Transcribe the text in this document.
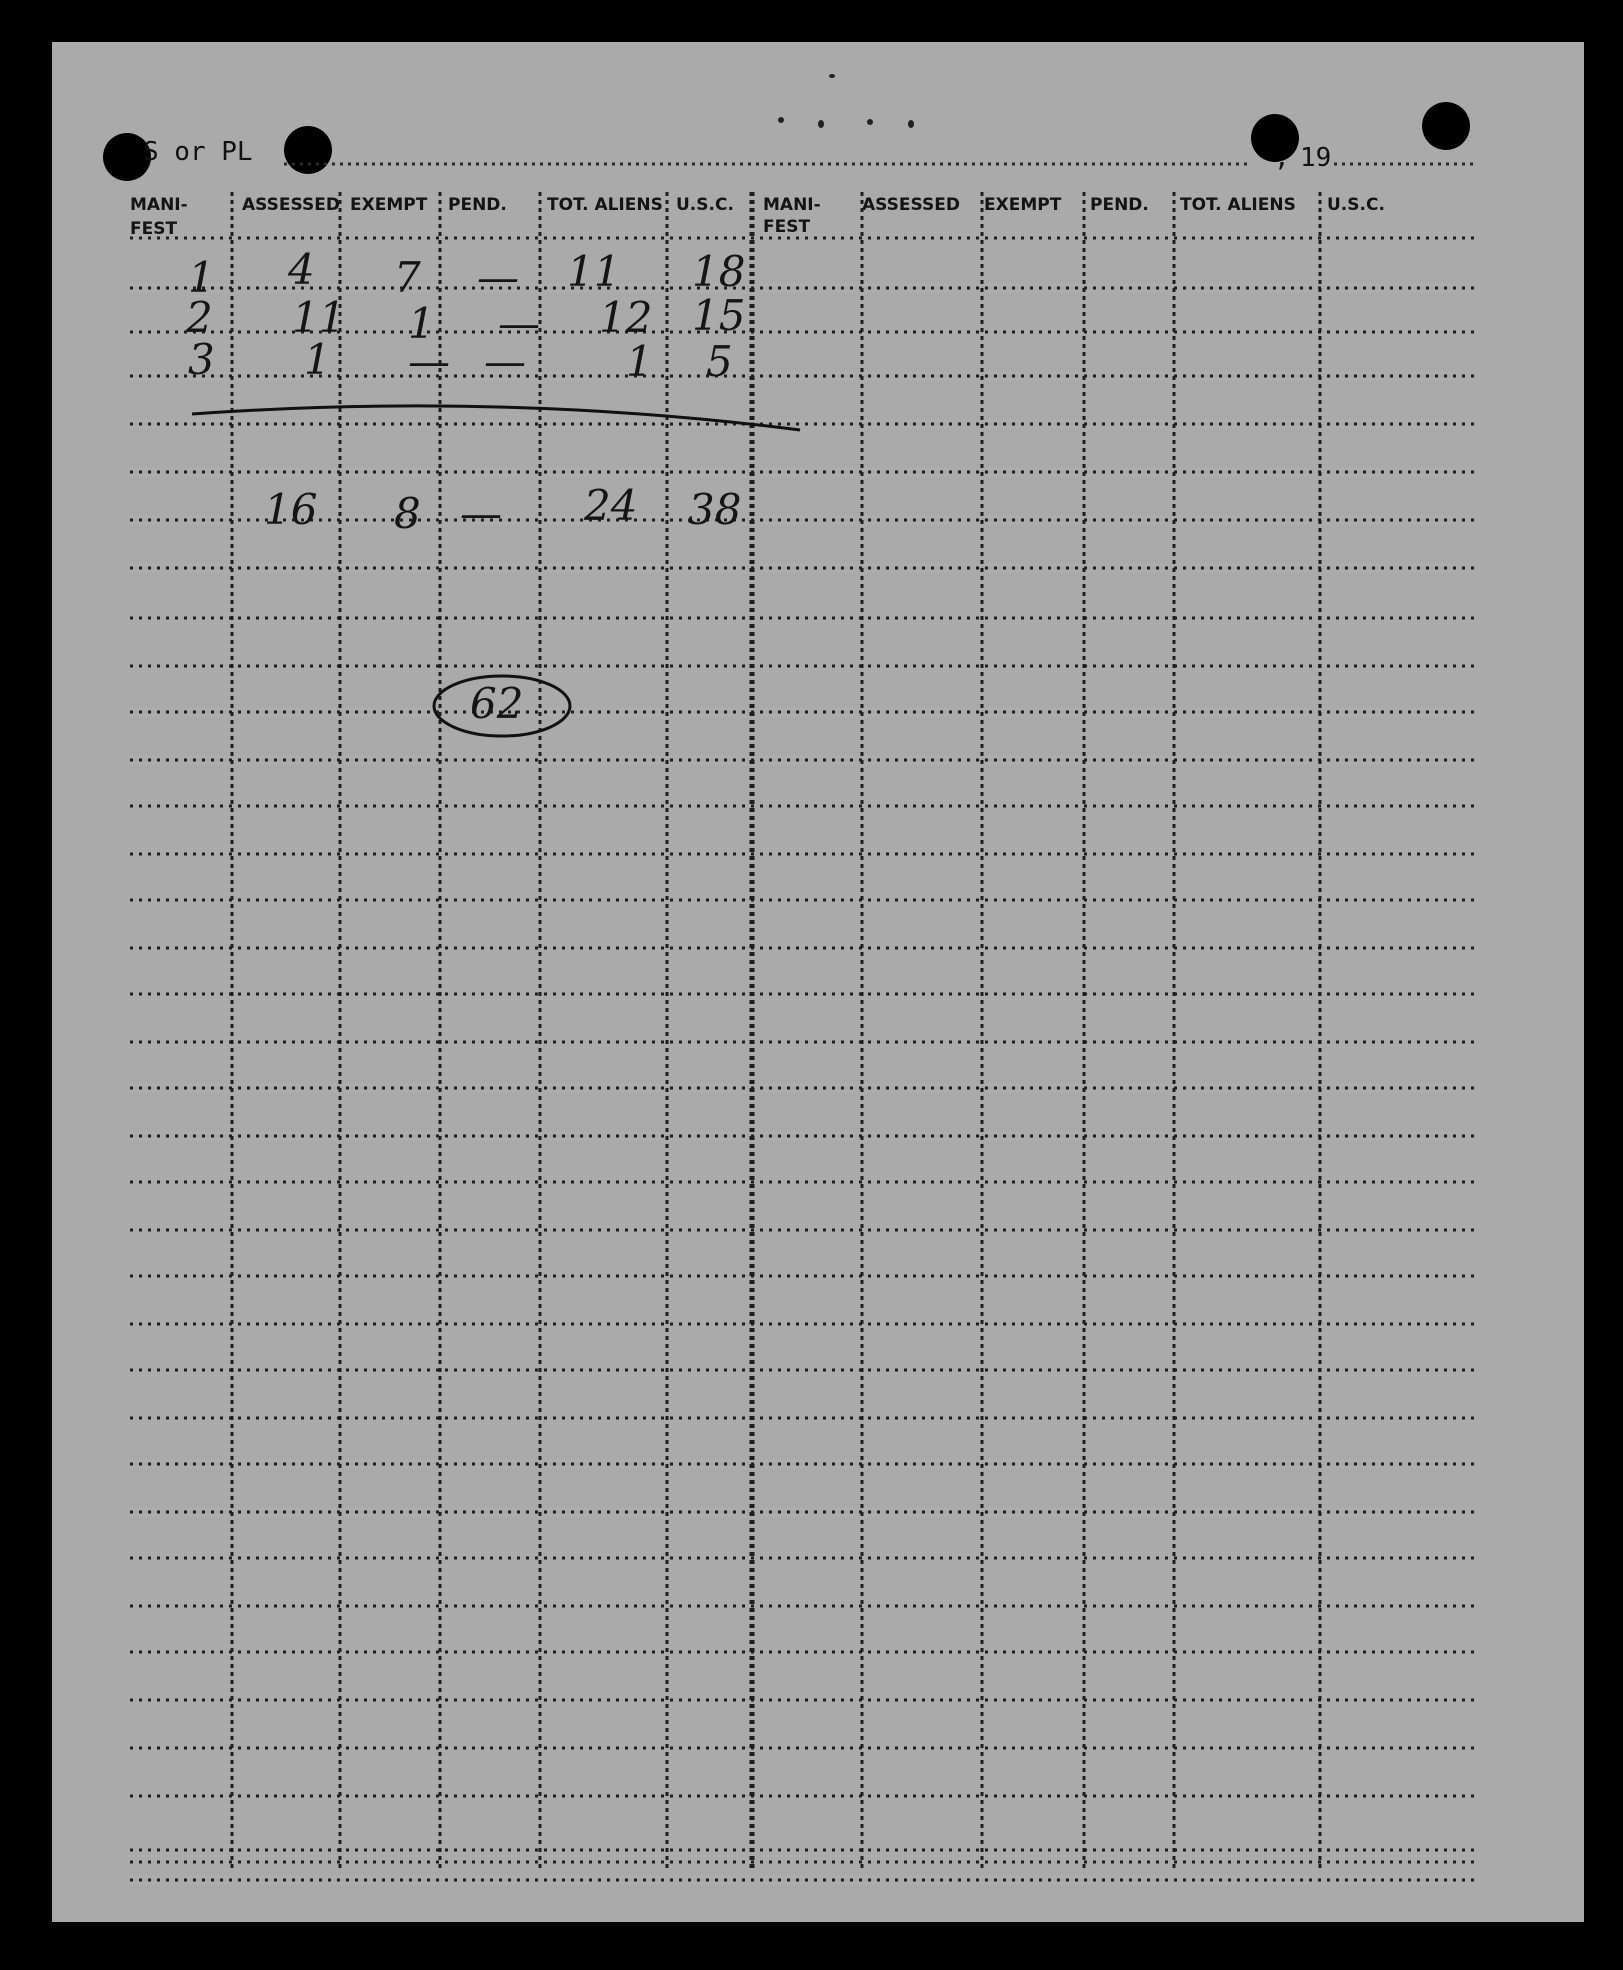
S or PL	, 19
MANI-
FEST
ASSESSED EXEMPT PEND. TOT. ALIENS U.S.C. MANI-
FEST
ASSESSED EXEMPT PEND. TOT. ALIENS U.S.C.
1 4 7 — 11 18
2 11 1 — 12 15
3 1 — — 1 5
16 8 — 24 38
62
